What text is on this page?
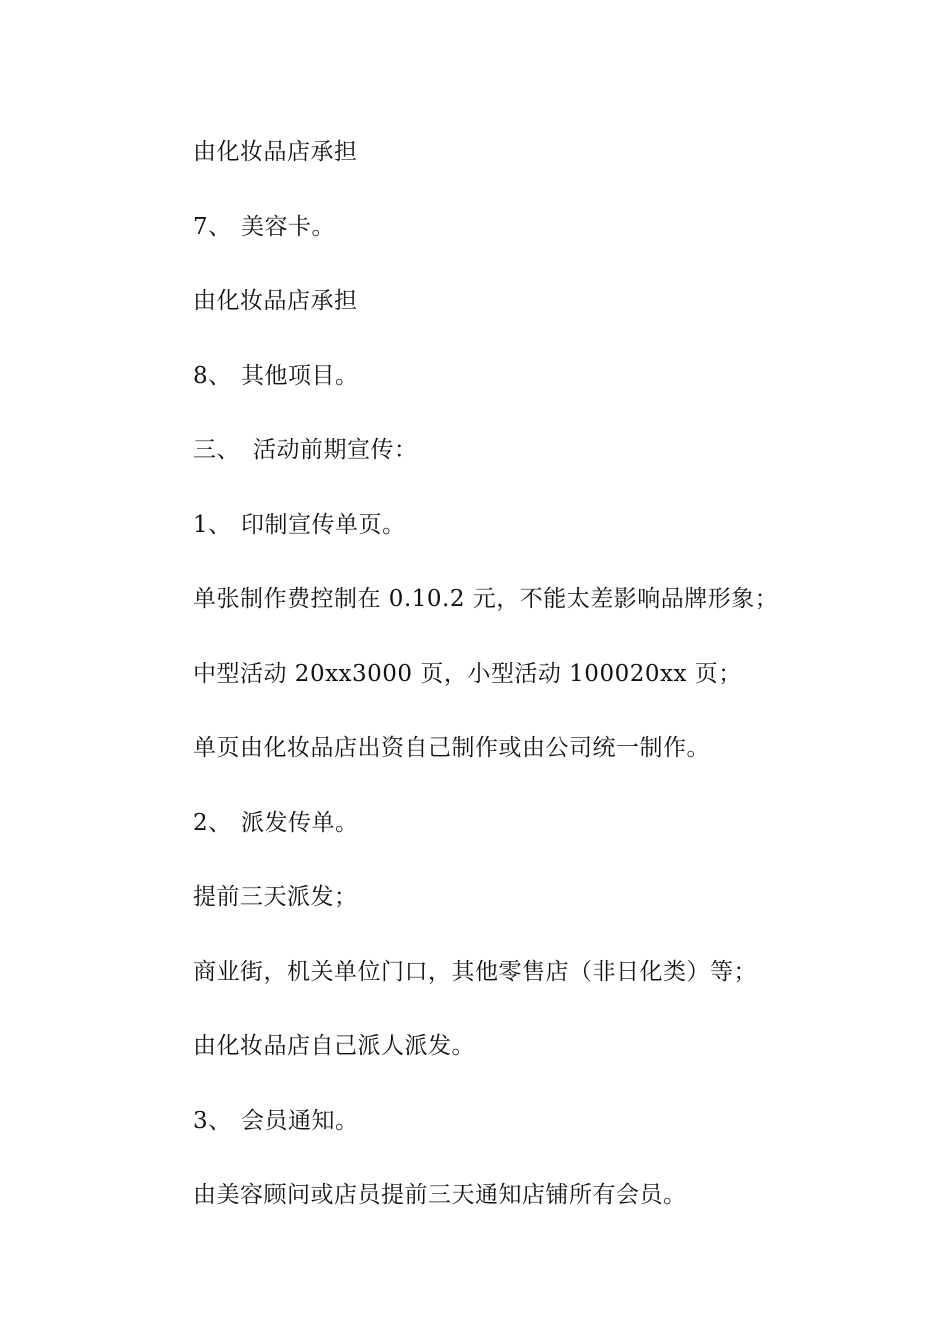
由化妆品店承担
7、 美容卡。
由化妆品店承担
8、 其他项目。
三、 活动前期宣传：
1、 印制宣传单页。
单张制作费控制在 0.10.2 元，不能太差影响品牌形象；
中型活动 20xx3000 页，小型活动 100020xx 页；
单页由化妆品店出资自己制作或由公司统一制作。
2、 派发传单。
提前三天派发；
商业街，机关单位门口，其他零售店（非日化类）等；
由化妆品店自己派人派发。
3、 会员通知。
由美容顾问或店员提前三天通知店铺所有会员。
